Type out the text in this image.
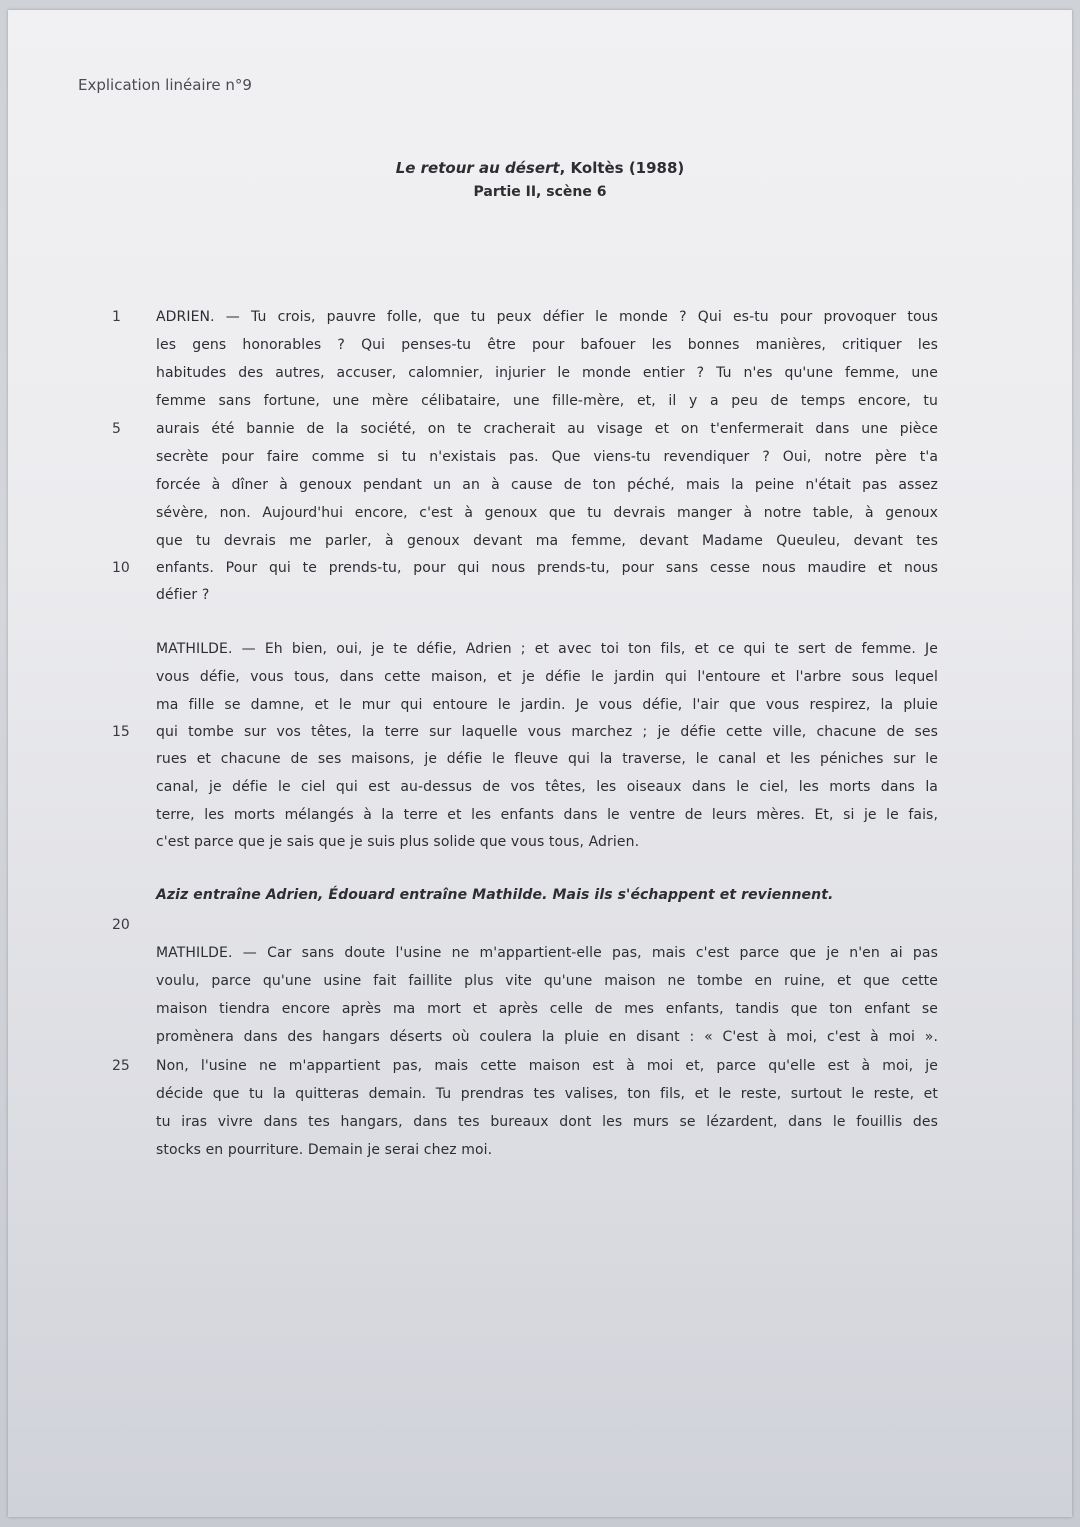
Explication linéaire n°9
Le retour au désert, Koltès (1988)
Partie II, scène 6
1
5
10
15
20
25
ADRIEN. — Tu crois, pauvre folle, que tu peux défier le monde ? Qui es-tu pour provoquer tous
les gens honorables ? Qui penses-tu être pour bafouer les bonnes manières, critiquer les
habitudes des autres, accuser, calomnier, injurier le monde entier ? Tu n'es qu'une femme, une
femme sans fortune, une mère célibataire, une fille-mère, et, il y a peu de temps encore, tu
aurais été bannie de la société, on te cracherait au visage et on t'enfermerait dans une pièce
secrète pour faire comme si tu n'existais pas. Que viens-tu revendiquer ? Oui, notre père t'a
forcée à dîner à genoux pendant un an à cause de ton péché, mais la peine n'était pas assez
sévère, non. Aujourd'hui encore, c'est à genoux que tu devrais manger à notre table, à genoux
que tu devrais me parler, à genoux devant ma femme, devant Madame Queuleu, devant tes
enfants. Pour qui te prends-tu, pour qui nous prends-tu, pour sans cesse nous maudire et nous
défier ?
MATHILDE. — Eh bien, oui, je te défie, Adrien ; et avec toi ton fils, et ce qui te sert de femme. Je
vous défie, vous tous, dans cette maison, et je défie le jardin qui l'entoure et l'arbre sous lequel
ma fille se damne, et le mur qui entoure le jardin. Je vous défie, l'air que vous respirez, la pluie
qui tombe sur vos têtes, la terre sur laquelle vous marchez ; je défie cette ville, chacune de ses
rues et chacune de ses maisons, je défie le fleuve qui la traverse, le canal et les péniches sur le
canal, je défie le ciel qui est au-dessus de vos têtes, les oiseaux dans le ciel, les morts dans la
terre, les morts mélangés à la terre et les enfants dans le ventre de leurs mères. Et, si je le fais,
c'est parce que je sais que je suis plus solide que vous tous, Adrien.
Aziz entraîne Adrien, Édouard entraîne Mathilde. Mais ils s'échappent et reviennent.
MATHILDE. — Car sans doute l'usine ne m'appartient-elle pas, mais c'est parce que je n'en ai pas
voulu, parce qu'une usine fait faillite plus vite qu'une maison ne tombe en ruine, et que cette
maison tiendra encore après ma mort et après celle de mes enfants, tandis que ton enfant se
promènera dans des hangars déserts où coulera la pluie en disant : « C'est à moi, c'est à moi ».
Non, l'usine ne m'appartient pas, mais cette maison est à moi et, parce qu'elle est à moi, je
décide que tu la quitteras demain. Tu prendras tes valises, ton fils, et le reste, surtout le reste, et
tu iras vivre dans tes hangars, dans tes bureaux dont les murs se lézardent, dans le fouillis des
stocks en pourriture. Demain je serai chez moi.
